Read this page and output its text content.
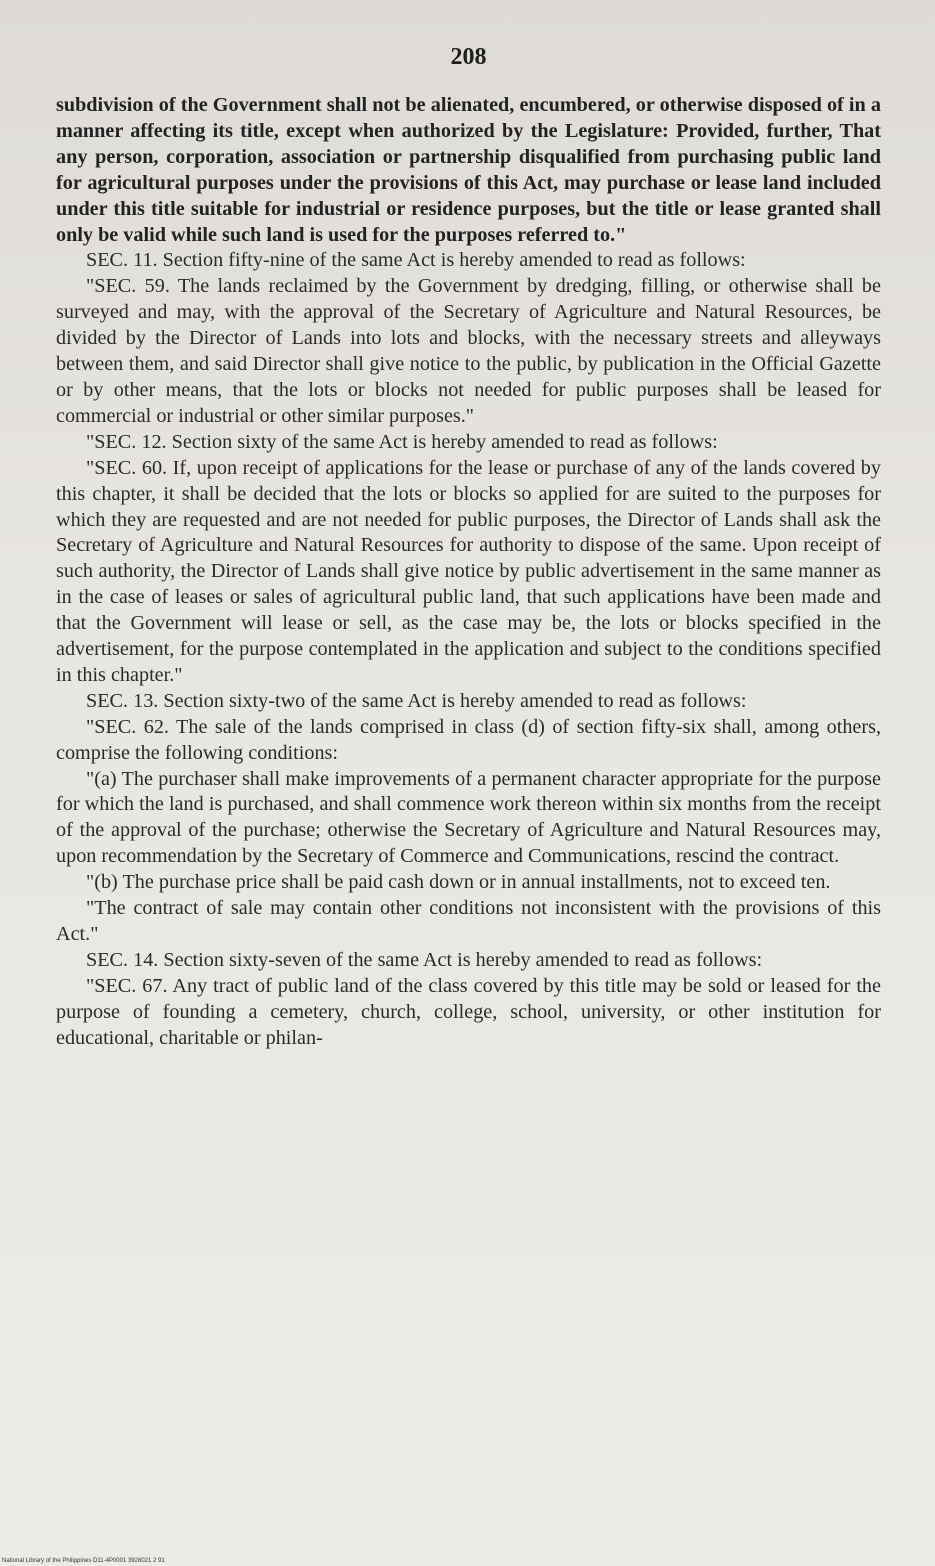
208

subdivision of the Government shall not be alienated, encumbered, or otherwise disposed of in a manner affecting its title, except when authorized by the Legislature: Provided, further, That any person, corporation, association or partnership disqualified from purchasing public land for agricultural purposes under the provisions of this Act, may purchase or lease land included under this title suitable for industrial or residence purposes, but the title or lease granted shall only be valid while such land is used for the purposes referred to."

SEC. 11. Section fifty-nine of the same Act is hereby amended to read as follows:

"SEC. 59. The lands reclaimed by the Government by dredging, filling, or otherwise shall be surveyed and may, with the approval of the Secretary of Agriculture and Natural Resources, be divided by the Director of Lands into lots and blocks, with the necessary streets and alleyways between them, and said Director shall give notice to the public, by publication in the Official Gazette or by other means, that the lots or blocks not needed for public purposes shall be leased for commercial or industrial or other similar purposes."

"SEC. 12. Section sixty of the same Act is hereby amended to read as follows:

"SEC. 60. If, upon receipt of applications for the lease or purchase of any of the lands covered by this chapter, it shall be decided that the lots or blocks so applied for are suited to the purposes for which they are requested and are not needed for public purposes, the Director of Lands shall ask the Secretary of Agriculture and Natural Resources for authority to dispose of the same. Upon receipt of such authority, the Director of Lands shall give notice by public advertisement in the same manner as in the case of leases or sales of agricultural public land, that such applications have been made and that the Government will lease or sell, as the case may be, the lots or blocks specified in the advertisement, for the purpose contemplated in the application and subject to the conditions specified in this chapter."

SEC. 13. Section sixty-two of the same Act is hereby amended to read as follows:

"SEC. 62. The sale of the lands comprised in class (d) of section fifty-six shall, among others, comprise the following conditions:

"(a) The purchaser shall make improvements of a permanent character appropriate for the purpose for which the land is purchased, and shall commence work thereon within six months from the receipt of the approval of the purchase; otherwise the Secretary of Agriculture and Natural Resources may, upon recommendation by the Secretary of Commerce and Communications, rescind the contract.

"(b) The purchase price shall be paid cash down or in annual installments, not to exceed ten.

"The contract of sale may contain other conditions not inconsistent with the provisions of this Act."

SEC. 14. Section sixty-seven of the same Act is hereby amended to read as follows:

"SEC. 67. Any tract of public land of the class covered by this title may be sold or leased for the purpose of founding a cemetery, church, college, school, university, or other institution for educational, charitable or philan-

National Library of the Philippines D11-4P0001 3928021 2 91
